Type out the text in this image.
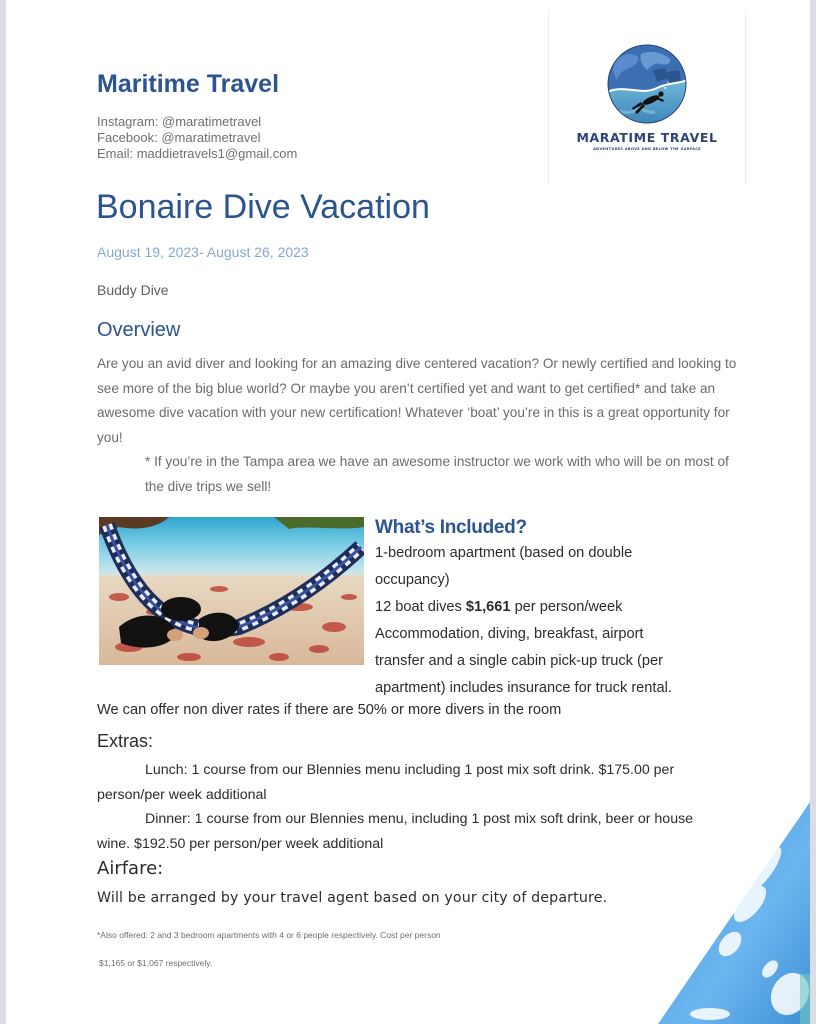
Maritime Travel
Instagram: @maratimetravel
Facebook: @maratimetravel
Email: maddietravels1@gmail.com
MARATIME TRAVEL
ADVENTURES ABOVE AND BELOW THE SURFACE
Bonaire Dive Vacation
August 19, 2023- August 26, 2023
Buddy Dive
Overview

Are you an avid diver and looking for an amazing dive centered vacation? Or newly certified and looking to see more of the big blue world? Or maybe you aren’t certified yet and want to get certified* and take an awesome dive vacation with your new certification! Whatever ‘boat’ you’re in this is a great opportunity for you!

* If you’re in the Tampa area we have an awesome instructor we work with who will be on most of the dive trips we sell!

What’s Included?
1-bedroom apartment (based on double
occupancy)
12 boat dives $1,661 per person/week
Accommodation, diving, breakfast, airport
transfer and a single cabin pick-up truck (per
apartment) includes insurance for truck rental.
We can offer non diver rates if there are 50% or more divers in the room
Extras:

Lunch: 1 course from our Blennies menu including 1 post mix soft drink. $175.00 per

person/per week additional

Dinner: 1 course from our Blennies menu, including 1 post mix soft drink, beer or house

wine. $192.50 per person/per week additional

Airfare:
Will be arranged by your travel agent based on your city of departure.
*Also offered: 2 and 3 bedroom apartments with 4 or 6 people respectively. Cost per person
$1,165 or $1,067 respectively.
